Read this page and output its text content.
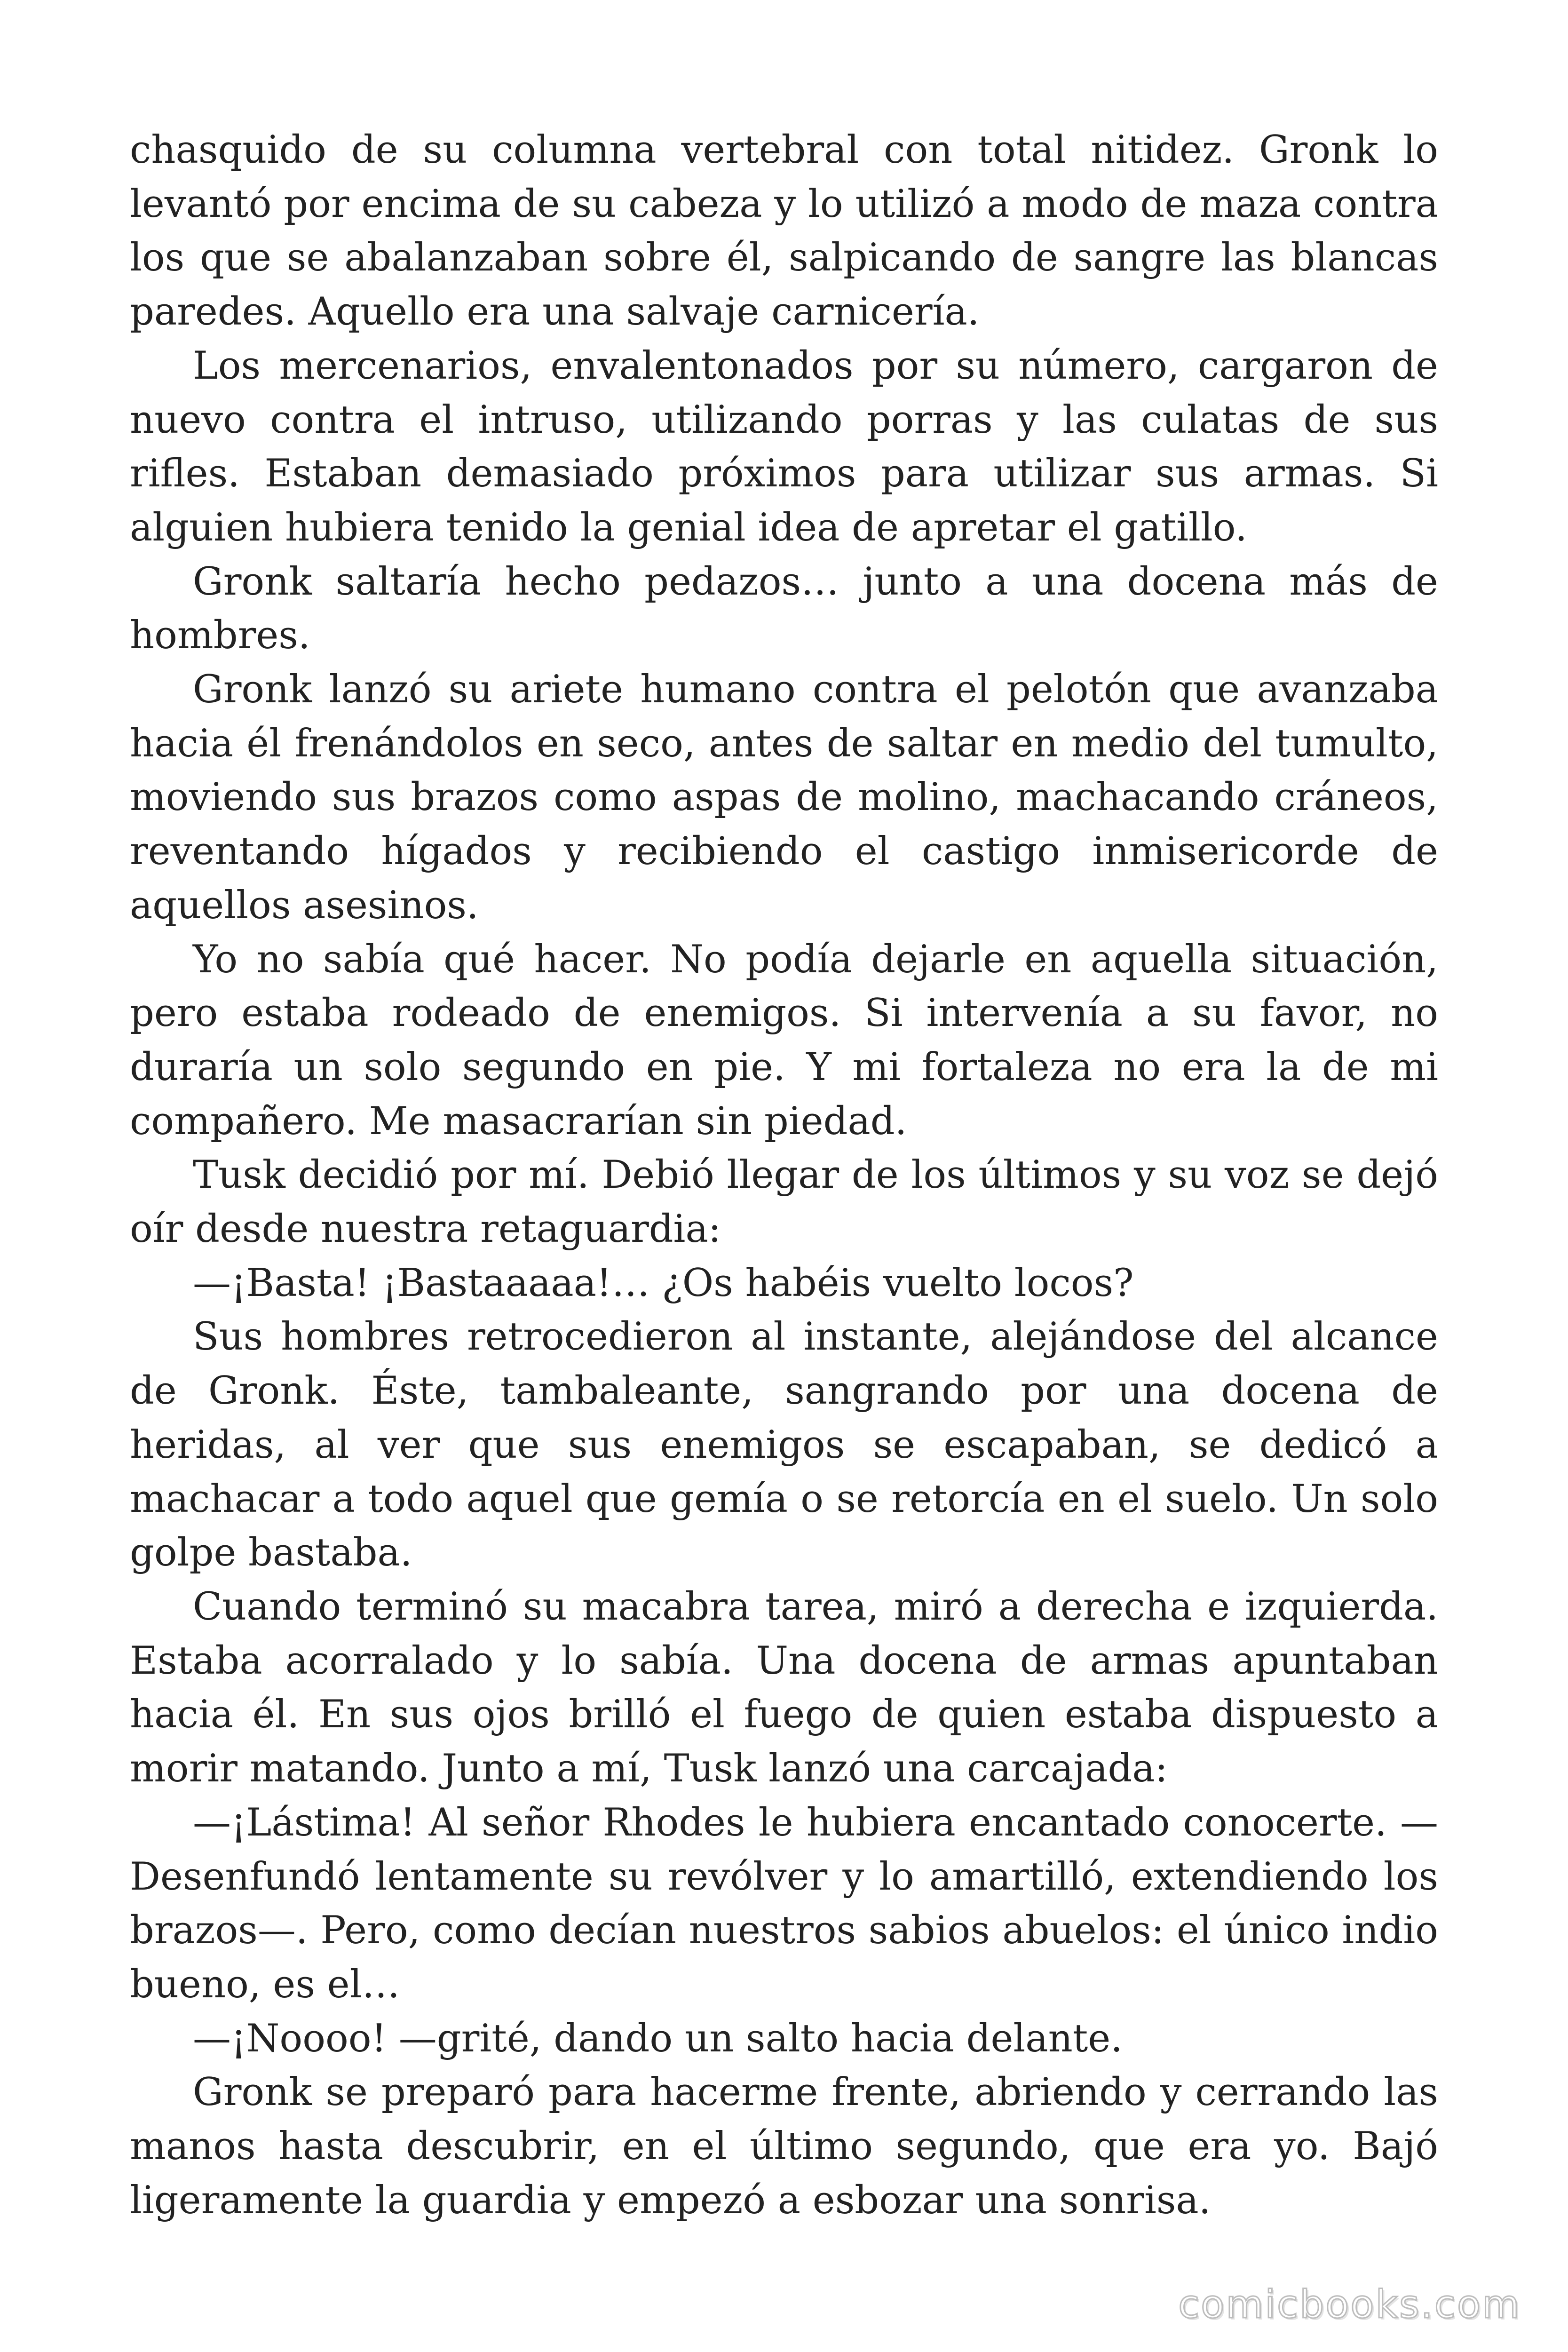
chasquido de su columna vertebral con total nitidez. Gronk lo levantó por encima de su cabeza y lo utilizó a modo de maza contra los que se abalanzaban sobre él, salpicando de sangre las blancas paredes. Aquello era una salvaje carnicería.

Los mercenarios, envalentonados por su número, cargaron de nuevo contra el intruso, utilizando porras y las culatas de sus rifles. Estaban demasiado próximos para utilizar sus armas. Si alguien hubiera tenido la genial idea de apretar el gatillo.

Gronk saltaría hecho pedazos… junto a una docena más de hombres.

Gronk lanzó su ariete humano contra el pelotón que avanzaba hacia él frenándolos en seco, antes de saltar en medio del tumulto, moviendo sus brazos como aspas de molino, machacando cráneos, reventando hígados y recibiendo el castigo inmisericorde de aquellos asesinos.

Yo no sabía qué hacer. No podía dejarle en aquella situación, pero estaba rodeado de enemigos. Si intervenía a su favor, no duraría un solo segundo en pie. Y mi fortaleza no era la de mi compañero. Me masacrarían sin piedad.

Tusk decidió por mí. Debió llegar de los últimos y su voz se dejó oír desde nuestra retaguardia:

—¡Basta! ¡Bastaaaaa!… ¿Os habéis vuelto locos?

Sus hombres retrocedieron al instante, alejándose del alcance de Gronk. Éste, tambaleante, sangrando por una docena de heridas, al ver que sus enemigos se escapaban, se dedicó a machacar a todo aquel que gemía o se retorcía en el suelo. Un solo golpe bastaba.

Cuando terminó su macabra tarea, miró a derecha e izquierda. Estaba acorralado y lo sabía. Una docena de armas apuntaban hacia él. En sus ojos brilló el fuego de quien estaba dispuesto a morir matando. Junto a mí, Tusk lanzó una carcajada:

—¡Lástima! Al señor Rhodes le hubiera encantado conocerte. —Desenfundó lentamente su revólver y lo amartilló, extendiendo los brazos—. Pero, como decían nuestros sabios abuelos: el único indio bueno, es el…

—¡Noooo! —grité, dando un salto hacia delante.

Gronk se preparó para hacerme frente, abriendo y cerrando las manos hasta descubrir, en el último segundo, que era yo. Bajó ligeramente la guardia y empezó a esbozar una sonrisa.

comicbooks.com
